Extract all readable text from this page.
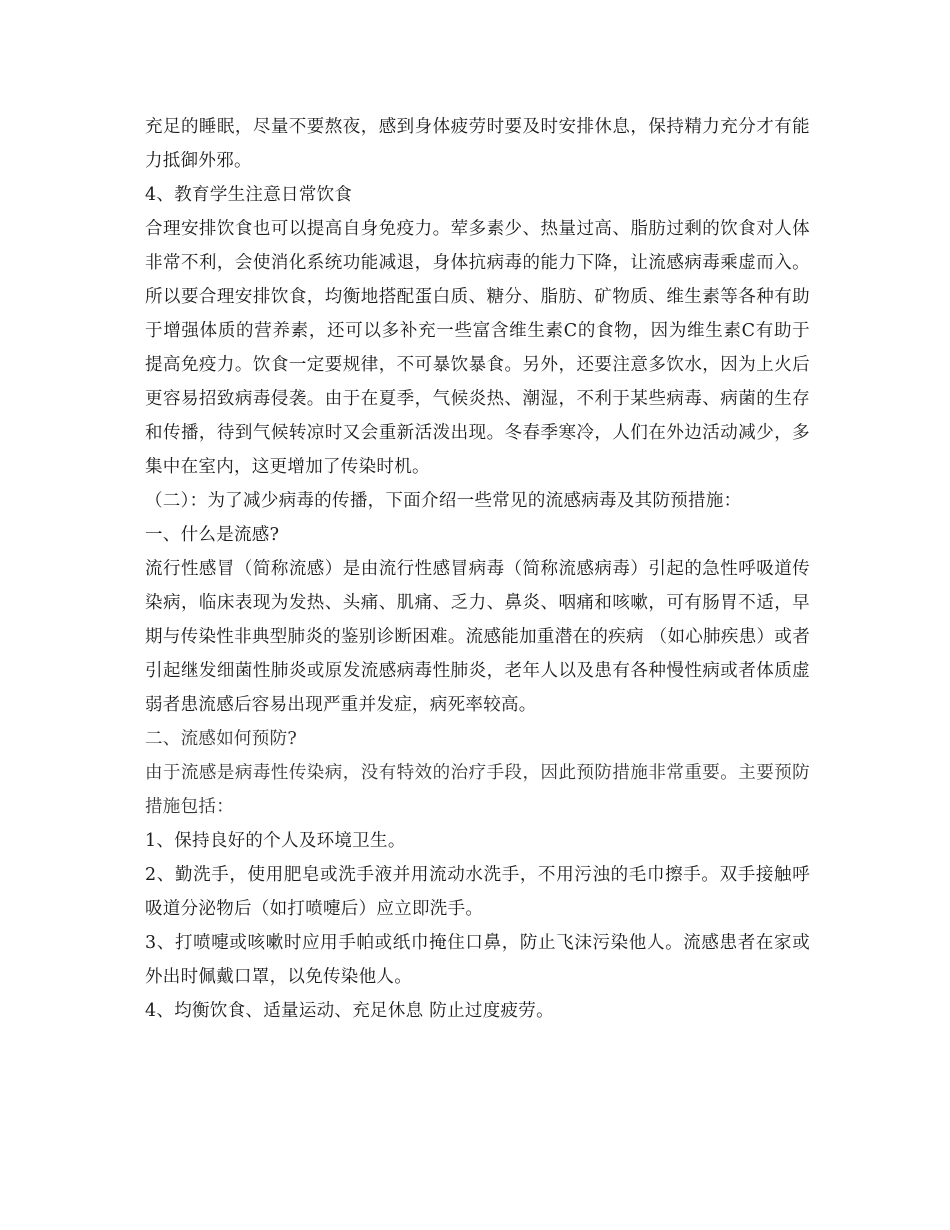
充足的睡眠，尽量不要熬夜，感到身体疲劳时要及时安排休息，保持精力充分才有能力抵御外邪。

4、教育学生注意日常饮食

合理安排饮食也可以提高自身免疫力。荤多素少、热量过高、脂肪过剩的饮食对人体非常不利，会使消化系统功能减退，身体抗病毒的能力下降，让流感病毒乘虚而入。所以要合理安排饮食，均衡地搭配蛋白质、糖分、脂肪、矿物质、维生素等各种有助于增强体质的营养素，还可以多补充一些富含维生素C的食物，因为维生素C有助于提高免疫力。饮食一定要规律，不可暴饮暴食。另外，还要注意多饮水，因为上火后更容易招致病毒侵袭。由于在夏季，气候炎热、潮湿，不利于某些病毒、病菌的生存和传播，待到气候转凉时又会重新活泼出现。冬春季寒冷，人们在外边活动减少，多集中在室内，这更增加了传染时机。

（二）：为了减少病毒的传播，下面介绍一些常见的流感病毒及其防预措施：

一、什么是流感?

流行性感冒（简称流感）是由流行性感冒病毒（简称流感病毒）引起的急性呼吸道传染病，临床表现为发热、头痛、肌痛、乏力、鼻炎、咽痛和咳嗽，可有肠胃不适，早期与传染性非典型肺炎的鉴别诊断困难。流感能加重潜在的疾病 （如心肺疾患）或者引起继发细菌性肺炎或原发流感病毒性肺炎，老年人以及患有各种慢性病或者体质虚弱者患流感后容易出现严重并发症，病死率较高。

二、流感如何预防?

由于流感是病毒性传染病，没有特效的治疗手段，因此预防措施非常重要。主要预防措施包括：

1、保持良好的个人及环境卫生。

2、勤洗手，使用肥皂或洗手液并用流动水洗手，不用污浊的毛巾擦手。双手接触呼吸道分泌物后（如打喷嚏后）应立即洗手。

3、打喷嚏或咳嗽时应用手帕或纸巾掩住口鼻，防止飞沫污染他人。流感患者在家或外出时佩戴口罩，以免传染他人。

4、均衡饮食、适量运动、充足休息 防止过度疲劳。
